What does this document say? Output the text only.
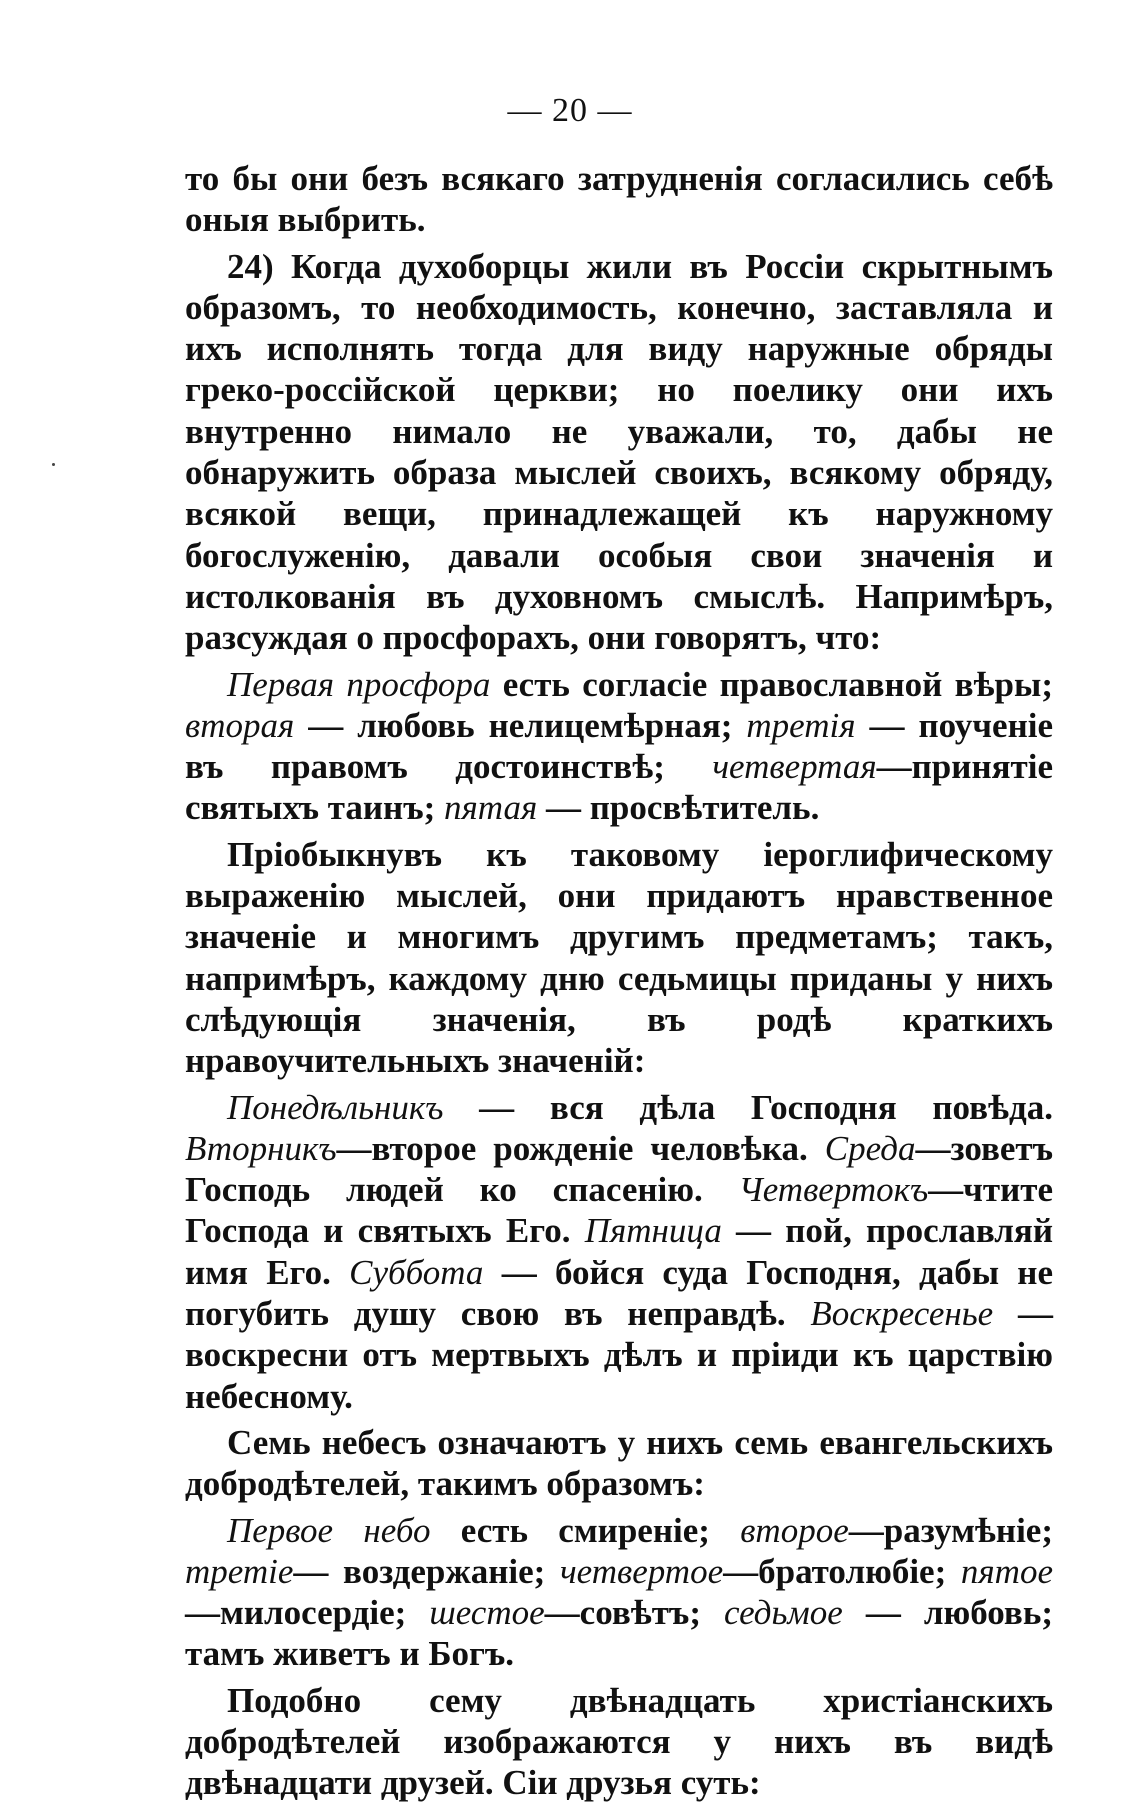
— 20 —

то бы они безъ всякаго затрудненія согласились себѣ оныя выбрить.

24) Когда духоборцы жили въ Россіи скрытнымъ образомъ, то необходимость, конечно, заставляла и ихъ исполнять тогда для виду наружные обряды греко-россійской церкви; но поелику они ихъ внутренно нимало не уважали, то, дабы не обнаружить образа мыслей своихъ, всякому обряду, всякой вещи, принадлежащей къ наружному богослуженію, давали особыя свои значенія и истолкованія въ духовномъ смыслѣ. Напримѣръ, разсуждая о просфорахъ, они говорятъ, что:

Первая просфора есть согласіе православной вѣры; вторая — любовь нелицемѣрная; третія — поученіе въ правомъ достоинствѣ; четвертая—принятіе святыхъ таинъ; пятая — просвѣтитель.

Пріобыкнувъ къ таковому іероглифическому выраженію мыслей, они придаютъ нравственное значеніе и многимъ другимъ предметамъ; такъ, напримѣръ, каждому дню седьмицы приданы у нихъ слѣдующія значенія, въ родѣ краткихъ нравоучительныхъ значеній:

Понедѣльникъ — вся дѣла Господня повѣда. Вторникъ—второе рожденіе человѣка. Среда—зоветъ Господь людей ко спасенію. Четвертокъ—чтите Господа и святыхъ Его. Пятница — пой, прославляй имя Его. Суббота — бойся суда Господня, дабы не погубить душу свою въ неправдѣ. Воскресенье — воскресни отъ мертвыхъ дѣлъ и пріиди къ царствію небесному.

Семь небесъ означаютъ у нихъ семь евангельскихъ добродѣтелей, такимъ образомъ:

Первое небо есть смиреніе; второе—разумѣніе; третіе— воздержаніе; четвертое—братолюбіе; пятое—милосердіе; шестое—совѣтъ; седьмое — любовь; тамъ живетъ и Богъ.

Подобно сему двѣнадцать христіанскихъ добродѣтелей изображаются у нихъ въ видѣ двѣнадцати друзей. Сіи друзья суть:
